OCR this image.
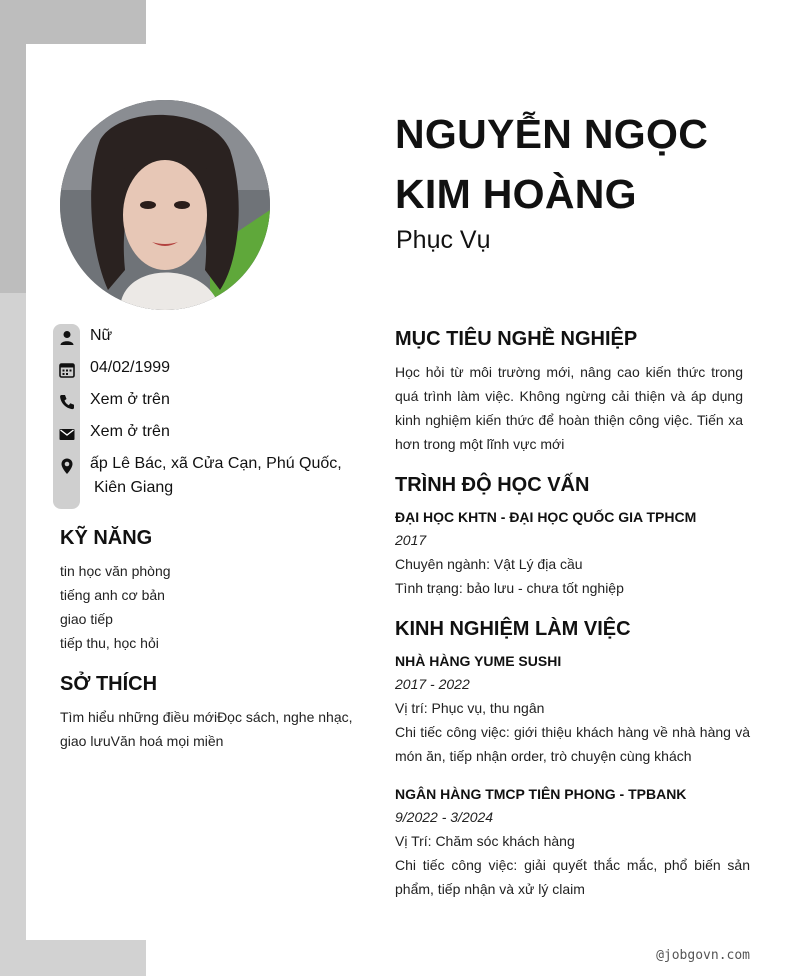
NGUYỄN NGỌC
KIM HOÀNG
Phục Vụ
Nữ
04/02/1999
Xem ở trên
Xem ở trên
ấp Lê Bác, xã Cửa Cạn, Phú Quốc,
Kiên Giang
KỸ NĂNG
tin học văn phòng
tiếng anh cơ bản
giao tiếp
tiếp thu, học hỏi
SỞ THÍCH
Tìm hiểu những điều mớiĐọc sách, nghe nhạc,
giao lưuVăn hoá mọi miền
MỤC TIÊU NGHỀ NGHIỆP
Học hỏi từ môi trường mới, nâng cao kiến thức trong quá trình làm việc. Không ngừng cải thiện và áp dụng kinh nghiệm kiến thức để hoàn thiện công việc. Tiến xa hơn trong một lĩnh vực mới
TRÌNH ĐỘ HỌC VẤN
ĐẠI HỌC KHTN - ĐẠI HỌC QUỐC GIA TPHCM
2017
Chuyên ngành: Vật Lý địa cầu
Tình trạng: bảo lưu - chưa tốt nghiệp
KINH NGHIỆM LÀM VIỆC
NHÀ HÀNG YUME SUSHI
2017 - 2022
Vị trí: Phục vụ, thu ngân
Chi tiếc công việc: giới thiệu khách hàng về nhà hàng và món ăn, tiếp nhận order, trò chuyện cùng khách
NGÂN HÀNG TMCP TIÊN PHONG - TPBANK
9/2022 - 3/2024
Vị Trí: Chăm sóc khách hàng
Chi tiếc công việc: giải quyết thắc mắc, phổ biến sản phẩm, tiếp nhận và xử lý claim
@jobgovn.com
